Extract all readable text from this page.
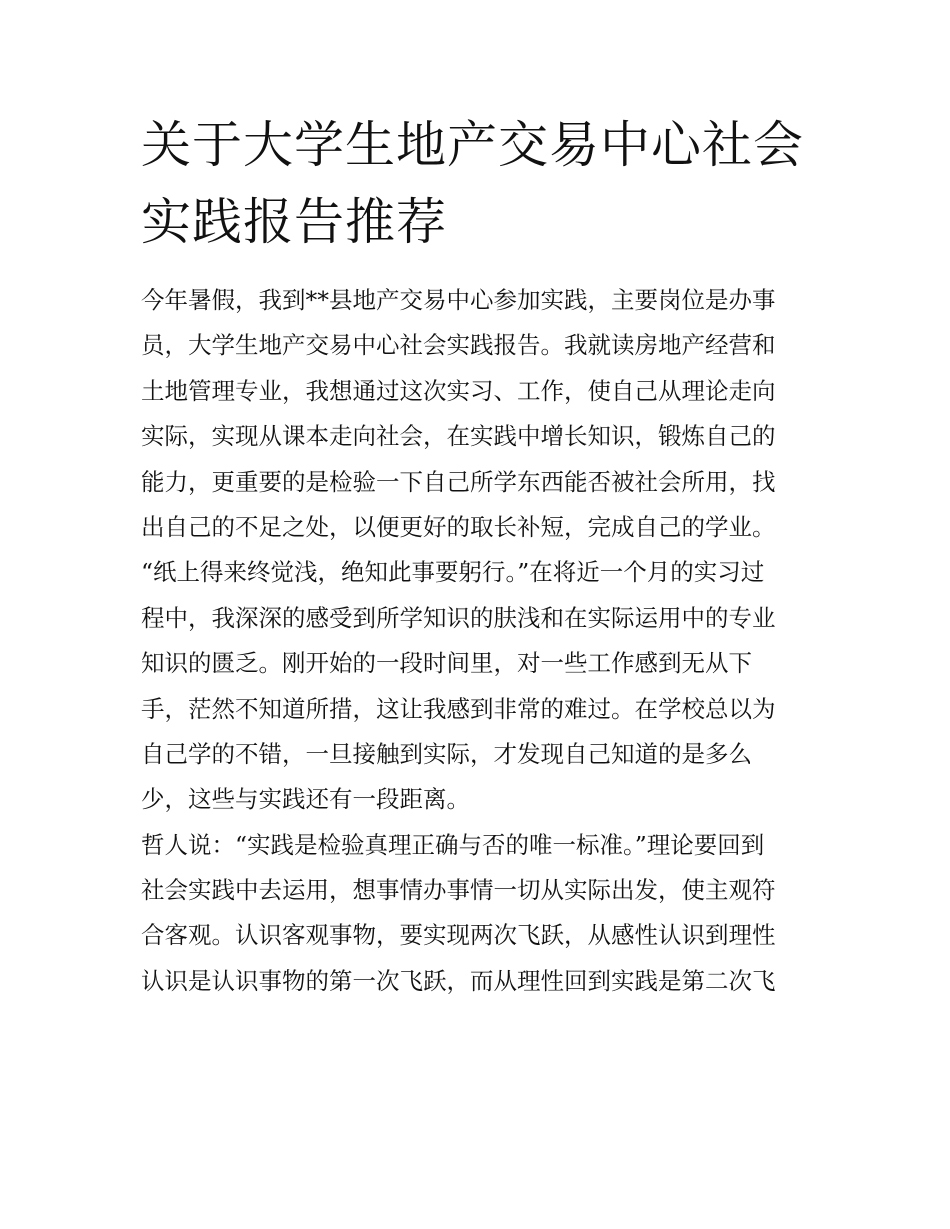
关于大学生地产交易中心社会
实践报告推荐
今年暑假，我到**县地产交易中心参加实践，主要岗位是办事
员，大学生地产交易中心社会实践报告。我就读房地产经营和
土地管理专业，我想通过这次实习、工作，使自己从理论走向
实际，实现从课本走向社会，在实践中增长知识，锻炼自己的
能力，更重要的是检验一下自己所学东西能否被社会所用，找
出自己的不足之处，以便更好的取长补短，完成自己的学业。
“纸上得来终觉浅，绝知此事要躬行。”在将近一个月的实习过
程中，我深深的感受到所学知识的肤浅和在实际运用中的专业
知识的匮乏。刚开始的一段时间里，对一些工作感到无从下
手，茫然不知道所措，这让我感到非常的难过。在学校总以为
自己学的不错，一旦接触到实际，才发现自己知道的是多么
少，这些与实践还有一段距离。
哲人说：“实践是检验真理正确与否的唯一标准。”理论要回到
社会实践中去运用，想事情办事情一切从实际出发，使主观符
合客观。认识客观事物，要实现两次飞跃，从感性认识到理性
认识是认识事物的第一次飞跃，而从理性回到实践是第二次飞
